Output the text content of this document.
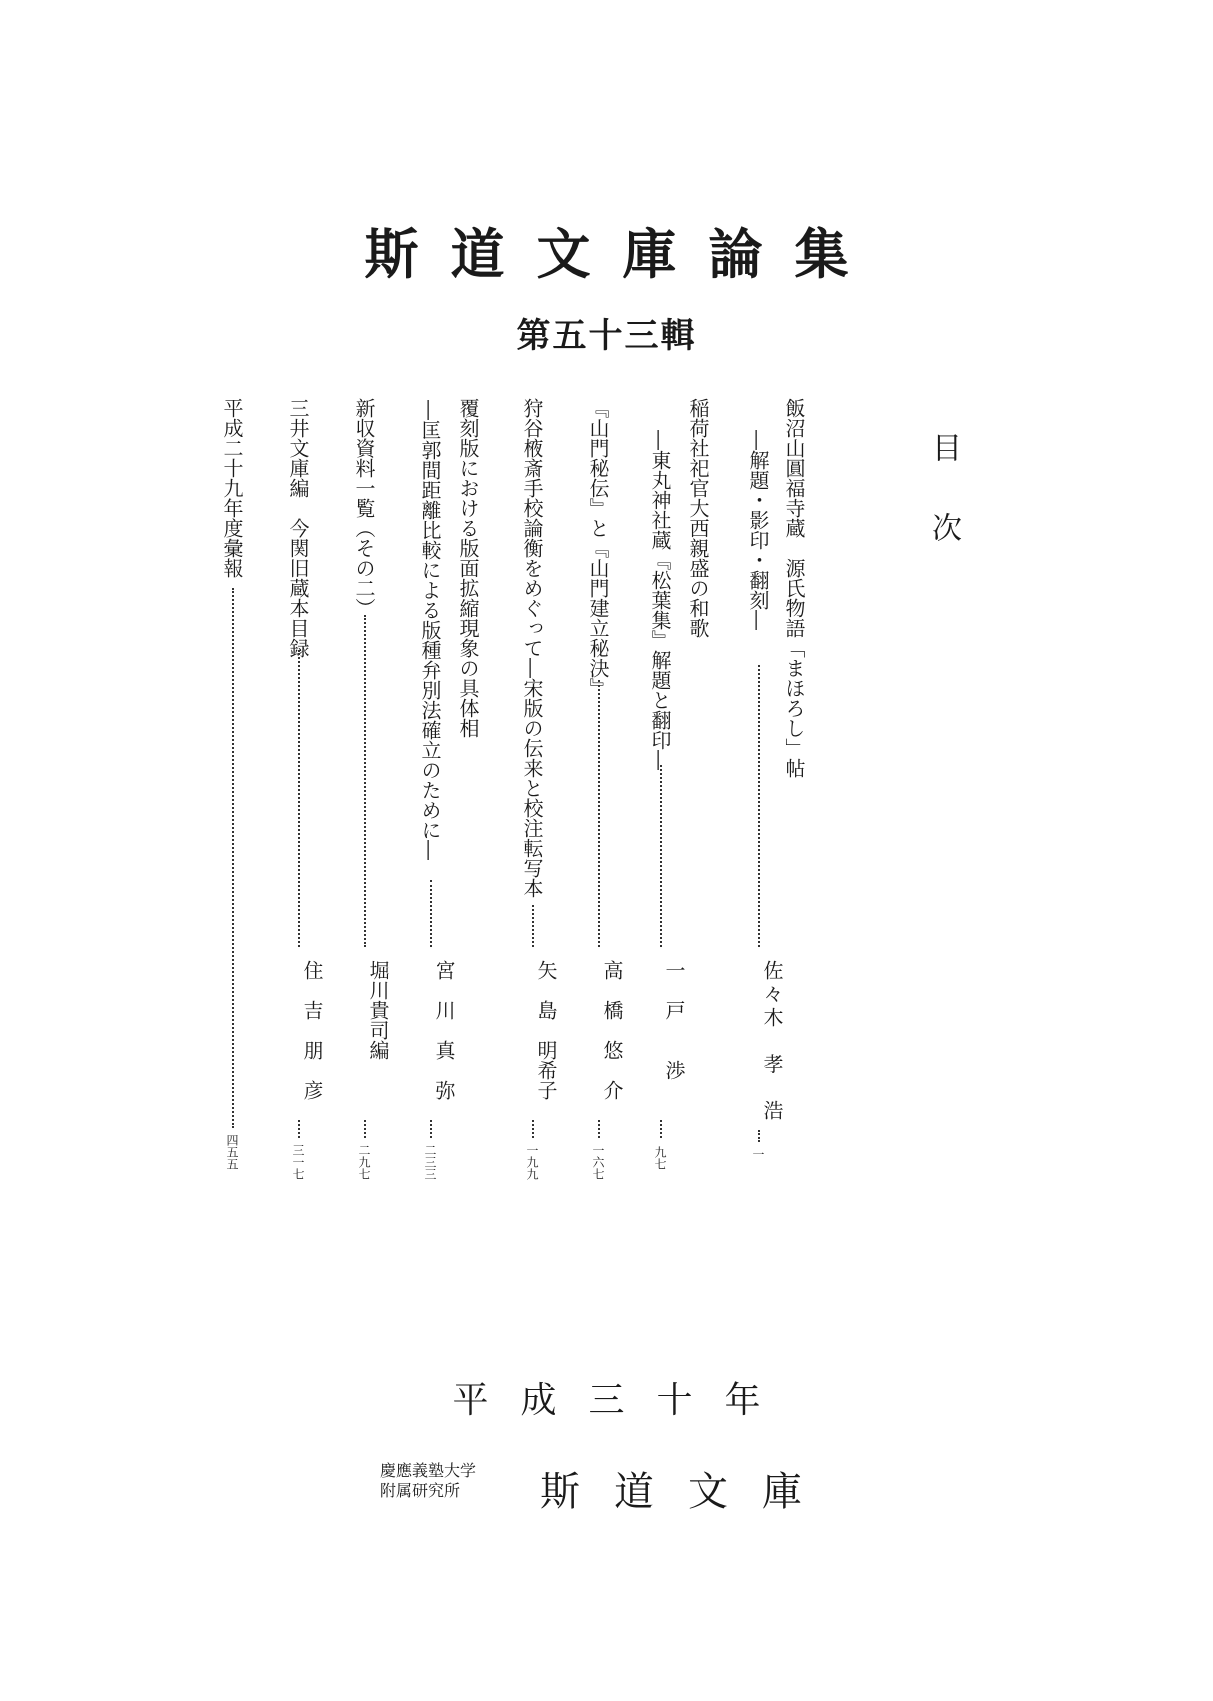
斯道文庫論集
第五十三輯
目次
飯沼山圓福寺蔵　源氏物語「まほろし」帖
―解題・影印・翻刻―
佐々木　孝　浩
一
稲荷社祀官大西親盛の和歌
―東丸神社蔵『松葉集』解題と翻印―
一　戸　　渉
九七
『山門秘伝』と『山門建立秘決』
高　橋　悠　介
一六七
狩谷棭斎手校論衡をめぐって―宋版の伝来と校注転写本
矢　島　明希子
一九九
覆刻版における版面拡縮現象の具体相
―匡郭間距離比較による版種弁別法確立のために―
宮　川　真　弥
二三三
新収資料一覧（その二）
堀川貴司編
二九七
三井文庫編　今関旧蔵本目録
住　吉　朋　彦
三一七
平成二十九年度彙報
四五五
平成三十年
慶應義塾大学
附属研究所 斯道文庫
